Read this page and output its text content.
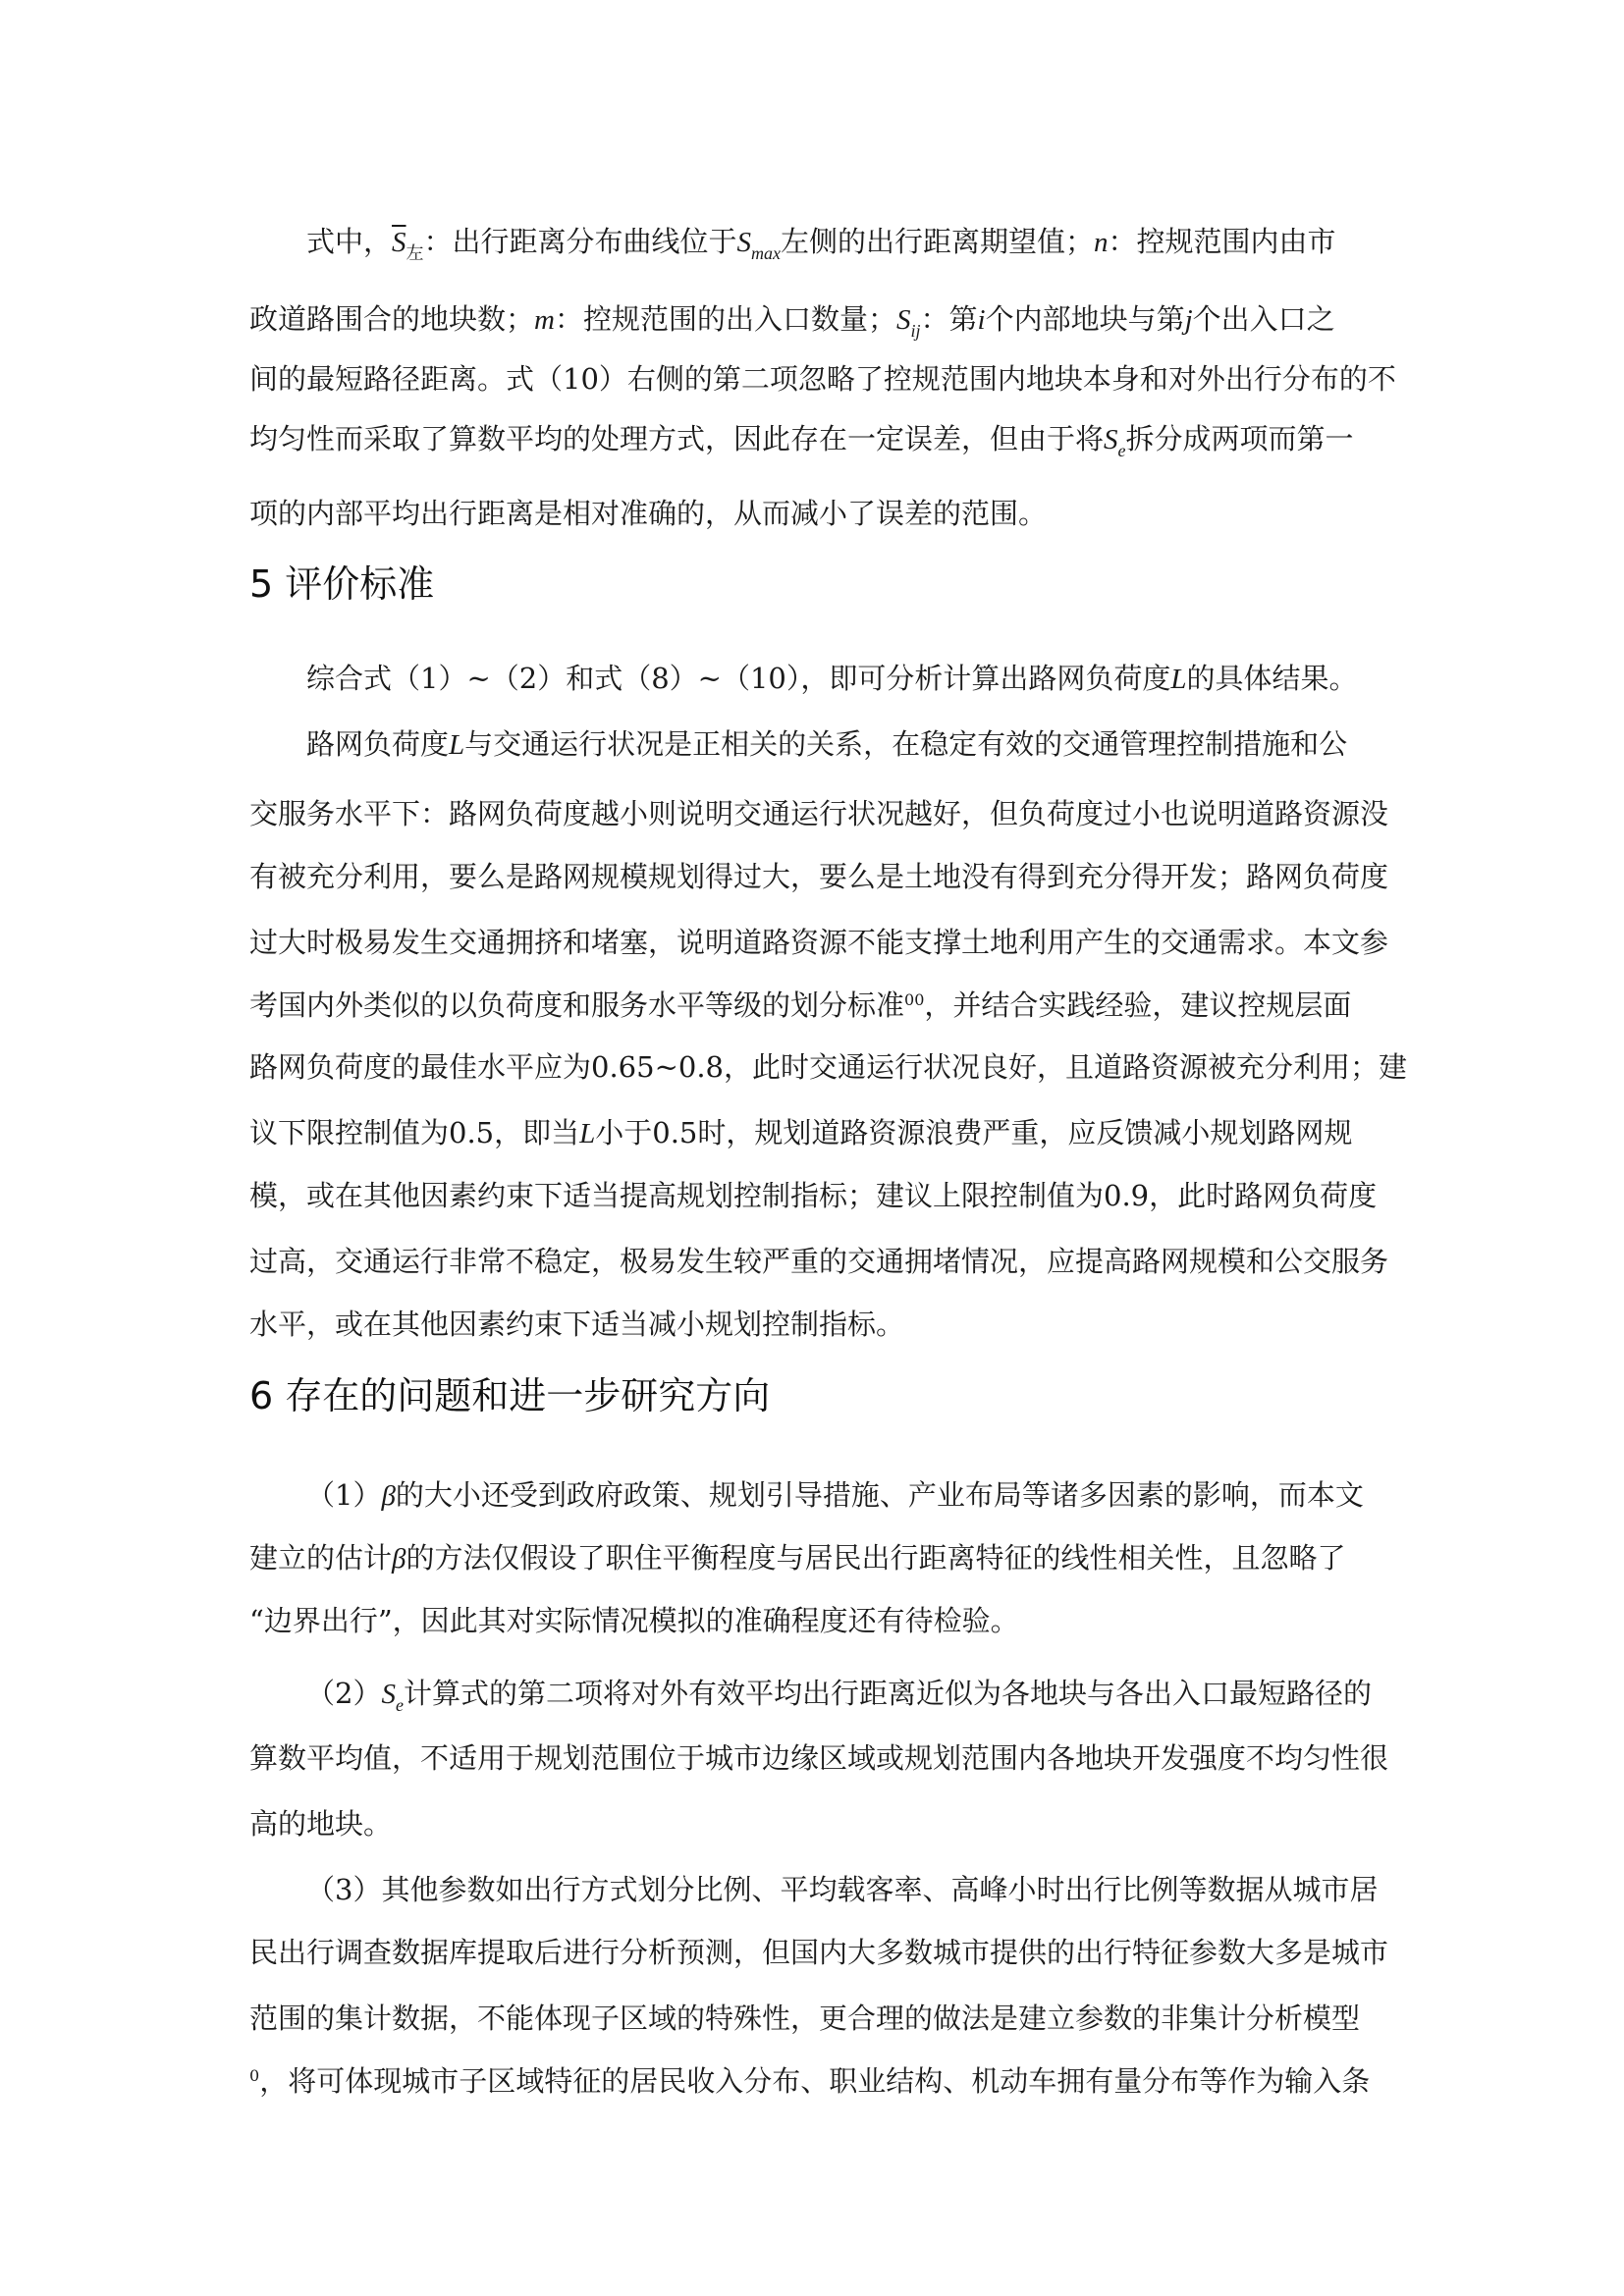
式中，$\overline{S}_左$：出行距离分布曲线位于$S_{max}$左侧的出行距离期望值；n：控规范围内由市
政道路围合的地块数；m：控规范围的出入口数量；$S_{ij}$：第i个内部地块与第j个出入口之
间的最短路径距离。式（10）右侧的第二项忽略了控规范围内地块本身和对外出行分布的不
均匀性而采取了算数平均的处理方式，因此存在一定误差，但由于将$S_e$拆分成两项而第一
项的内部平均出行距离是相对准确的，从而减小了误差的范围。
5 评价标准
综合式（1）~（2）和式（8）~（10），即可分析计算出路网负荷度L的具体结果。
路网负荷度L与交通运行状况是正相关的关系，在稳定有效的交通管理控制措施和公
交服务水平下：路网负荷度越小则说明交通运行状况越好，但负荷度过小也说明道路资源没
有被充分利用，要么是路网规模规划得过大，要么是土地没有得到充分得开发；路网负荷度
过大时极易发生交通拥挤和堵塞，说明道路资源不能支撑土地利用产生的交通需求。本文参
考国内外类似的以负荷度和服务水平等级的划分标准$^{00}$，并结合实践经验，建议控规层面
路网负荷度的最佳水平应为0.65~0.8，此时交通运行状况良好，且道路资源被充分利用；建
议下限控制值为0.5，即当L小于0.5时，规划道路资源浪费严重，应反馈减小规划路网规
模，或在其他因素约束下适当提高规划控制指标；建议上限控制值为0.9，此时路网负荷度
过高，交通运行非常不稳定，极易发生较严重的交通拥堵情况，应提高路网规模和公交服务
水平，或在其他因素约束下适当减小规划控制指标。
6 存在的问题和进一步研究方向
（1）β的大小还受到政府政策、规划引导措施、产业布局等诸多因素的影响，而本文
建立的估计β的方法仅假设了职住平衡程度与居民出行距离特征的线性相关性，且忽略了
“边界出行”，因此其对实际情况模拟的准确程度还有待检验。
$(2)S_e$计算式的第二项将对外有效平均出行距离近似为各地块与各出入口最短路径的
算数平均值，不适用于规划范围位于城市边缘区域或规划范围内各地块开发强度不均匀性很
高的地块。
（3）其他参数如出行方式划分比例、平均载客率、高峰小时出行比例等数据从城市居
民出行调查数据库提取后进行分析预测，但国内大多数城市提供的出行特征参数大多是城市
范围的集计数据，不能体现子区域的特殊性，更合理的做法是建立参数的非集计分析模型
$^0$，将可体现城市子区域特征的居民收入分布、职业结构、机动车拥有量分布等作为输入条
